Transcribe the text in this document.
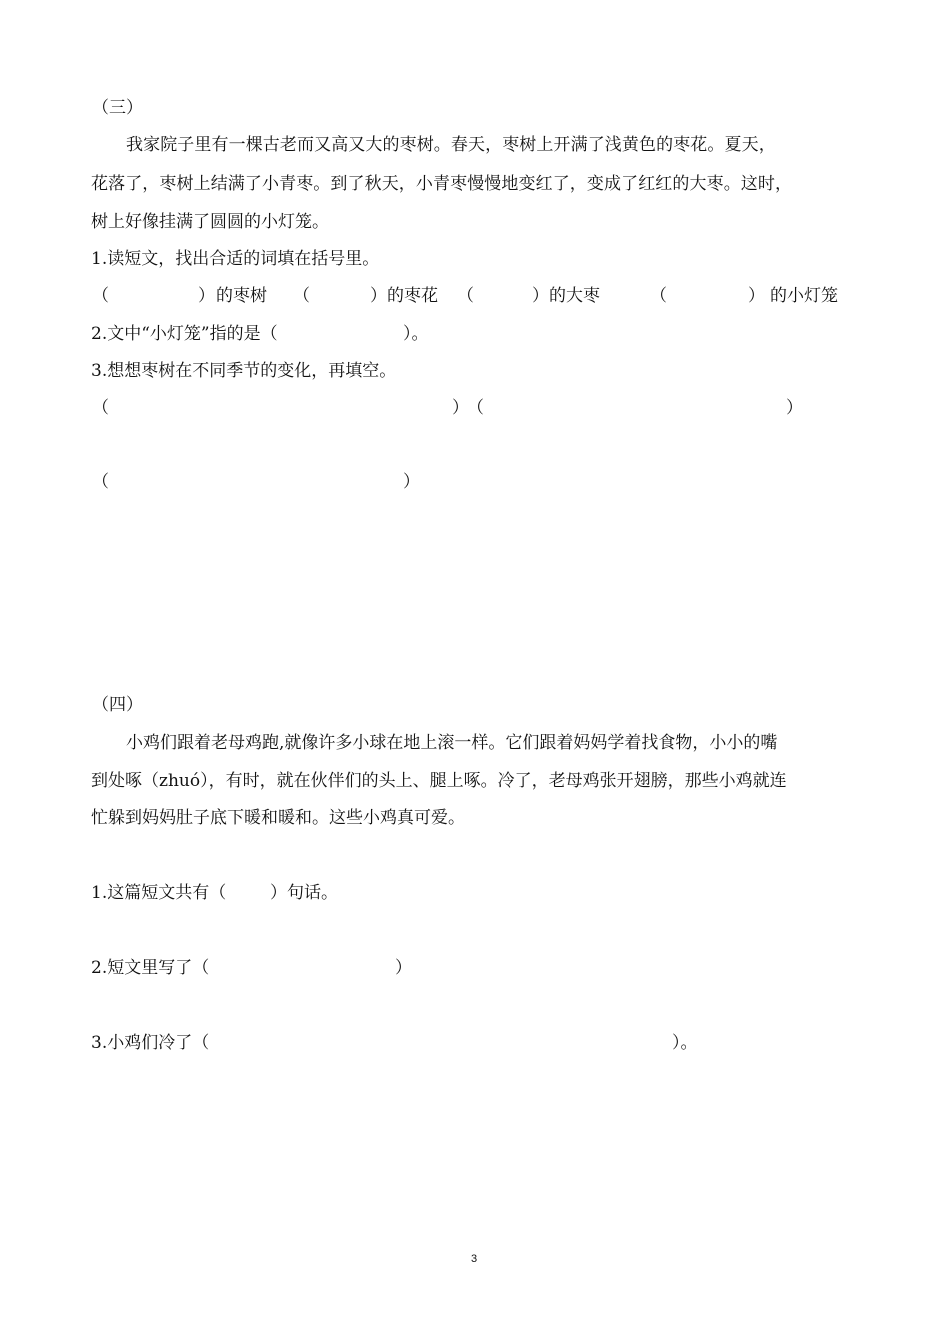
（三）
我家院子里有一棵古老而又高又大的枣树。春天，枣树上开满了浅黄色的枣花。夏天，
花落了，枣树上结满了小青枣。到了秋天，小青枣慢慢地变红了，变成了红红的大枣。这时，
树上好像挂满了圆圆的小灯笼。
1.读短文，找出合适的词填在括号里。
（	） 的枣树 （	） 的枣花 （	） 的大枣	（	） 的小灯笼
2.文中“小灯笼”指的是（	）。
3.想想枣树在不同季节的变化，再填空。
（	）
（	）
（	）
（四）
小鸡们跟着老母鸡跑,就像许多小球在地上滚一样。它们跟着妈妈学着找食物，小小的嘴
到处啄（zhuó），有时，就在伙伴们的头上、腿上啄。冷了，老母鸡张开翅膀，那些小鸡就连
忙躲到妈妈肚子底下暖和暖和。这些小鸡真可爱。
1.这篇短文共有（	）句话。
2.短文里写了（	）
3.小鸡们冷了（	）。
3
